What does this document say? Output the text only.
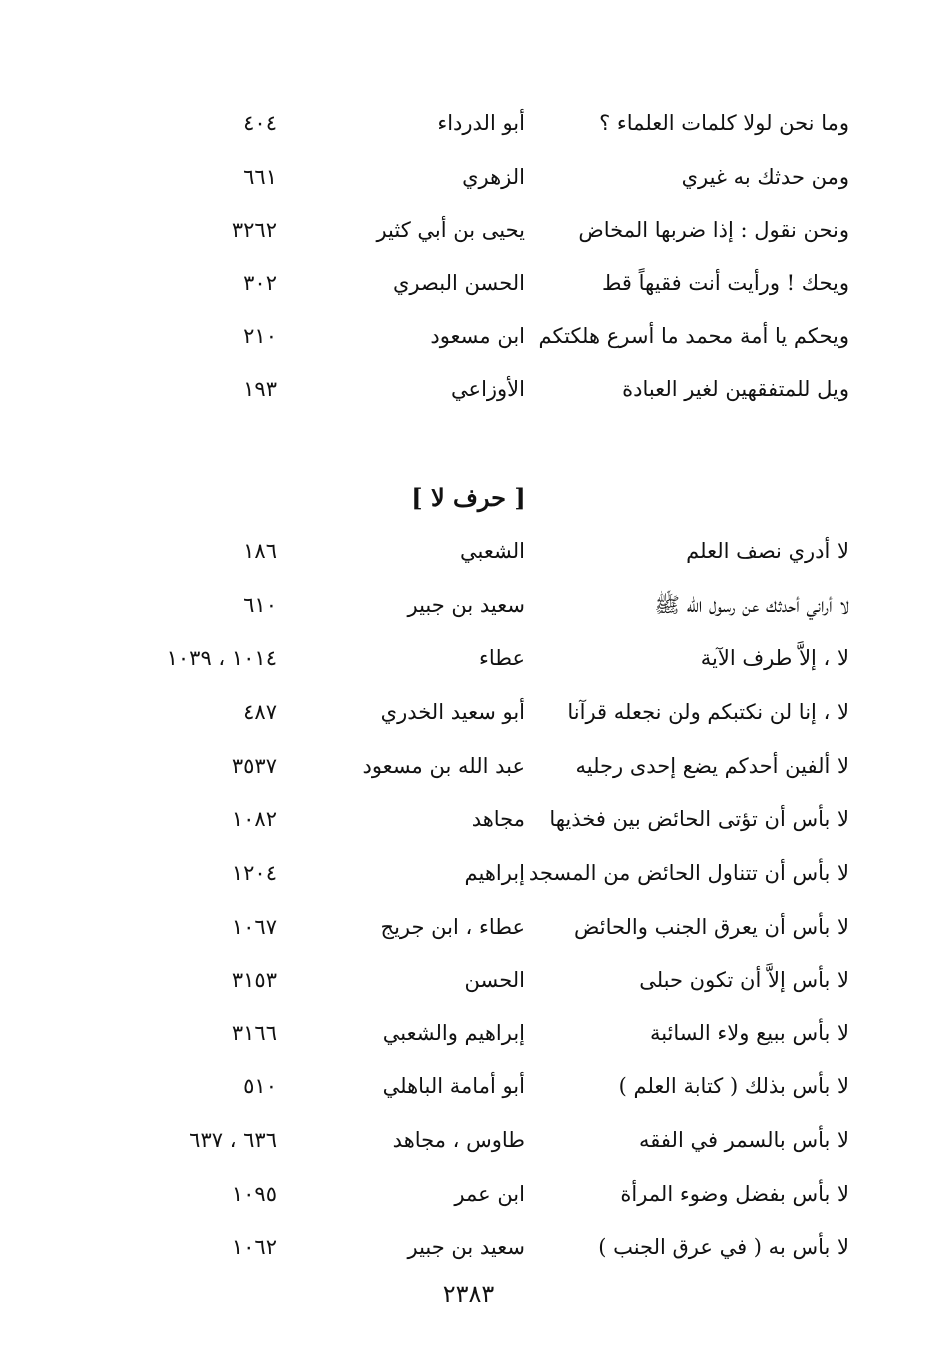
وما نحن لولا كلمات العلماء ؟
أبو الدرداء
٤٠٤
ومن حدثك به غيري
الزهري
٦٦١
ونحن نقول : إذا ضربها المخاض
يحيى بن أبي كثير
٣٢٦٢
ويحك ! ورأيت أنت فقيهاً قط
الحسن البصري
٣٠٢
ويحكم يا أمة محمد ما أسرع هلكتكم
ابن مسعود
٢١٠
ويل للمتفقهين لغير العبادة
الأوزاعي
١٩٣
[ حرف لا ]
لا أدري نصف العلم
الشعبي
١٨٦
لا أراني أحدثك عن رسول الله ﷺ
سعيد بن جبير
٦١٠
لا ، إلاَّ طرف الآية
عطاء
١٠١٤ ، ١٠٣٩
لا ، إنا لن نكتبكم ولن نجعله قرآنا
أبو سعيد الخدري
٤٨٧
لا ألفين أحدكم يضع إحدى رجليه
عبد الله بن مسعود
٣٥٣٧
لا بأس أن تؤتى الحائض بين فخذيها
مجاهد
١٠٨٢
لا بأس أن تتناول الحائض من المسجد
إبراهيم
١٢٠٤
لا بأس أن يعرق الجنب والحائض
عطاء ، ابن جريج
١٠٦٧
لا بأس إلاَّ أن تكون حبلى
الحسن
٣١٥٣
لا بأس ببيع ولاء السائبة
إبراهيم والشعبي
٣١٦٦
لا بأس بذلك ( كتابة العلم )
أبو أمامة الباهلي
٥١٠
لا بأس بالسمر في الفقه
طاوس ، مجاهد
٦٣٦ ، ٦٣٧
لا بأس بفضل وضوء المرأة
ابن عمر
١٠٩٥
لا بأس به ( في عرق الجنب )
سعيد بن جبير
١٠٦٢
٢٣٨٣
